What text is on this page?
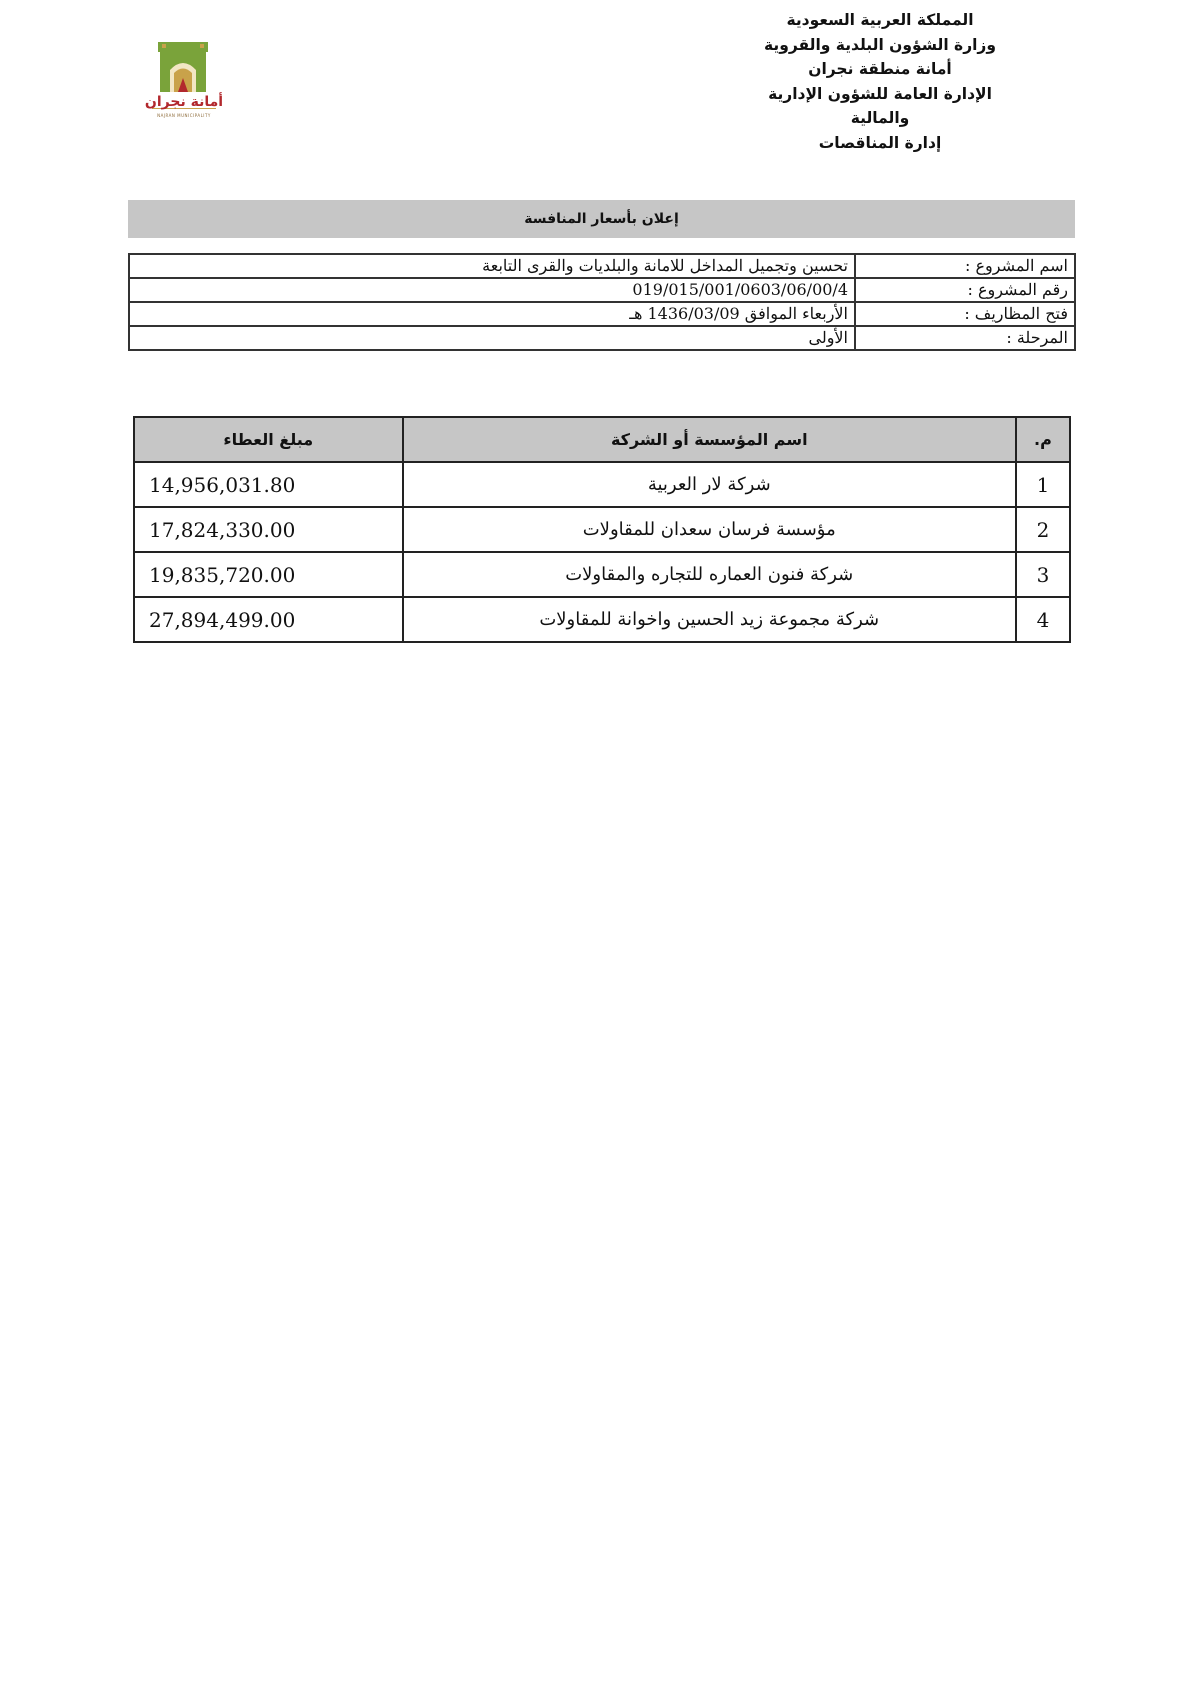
المملكة العربية السعودية
وزارة الشؤون البلدية والقروية
أمانة منطقة نجران
الإدارة العامة للشؤون الإدارية
والمالية
إدارة المناقصات
أمانة نجران
NAJRAN MUNICIPALITY
إعلان بأسعار المنافسة
اسم المشروع :	تحسين وتجميل المداخل للامانة والبلديات والقرى التابعة
رقم المشروع :	019/015/001/0603/06/00/4
فتح المظاريف :	الأربعاء الموافق 1436/03/09 هـ
المرحلة :	الأولى
م.	اسم المؤسسة أو الشركة	مبلغ العطاء
1	شركة لار العربية	14,956,031.80
2	مؤسسة فرسان سعدان للمقاولات	17,824,330.00
3	شركة فنون العماره للتجاره والمقاولات	19,835,720.00
4	شركة مجموعة زيد الحسين واخوانة للمقاولات	27,894,499.00
